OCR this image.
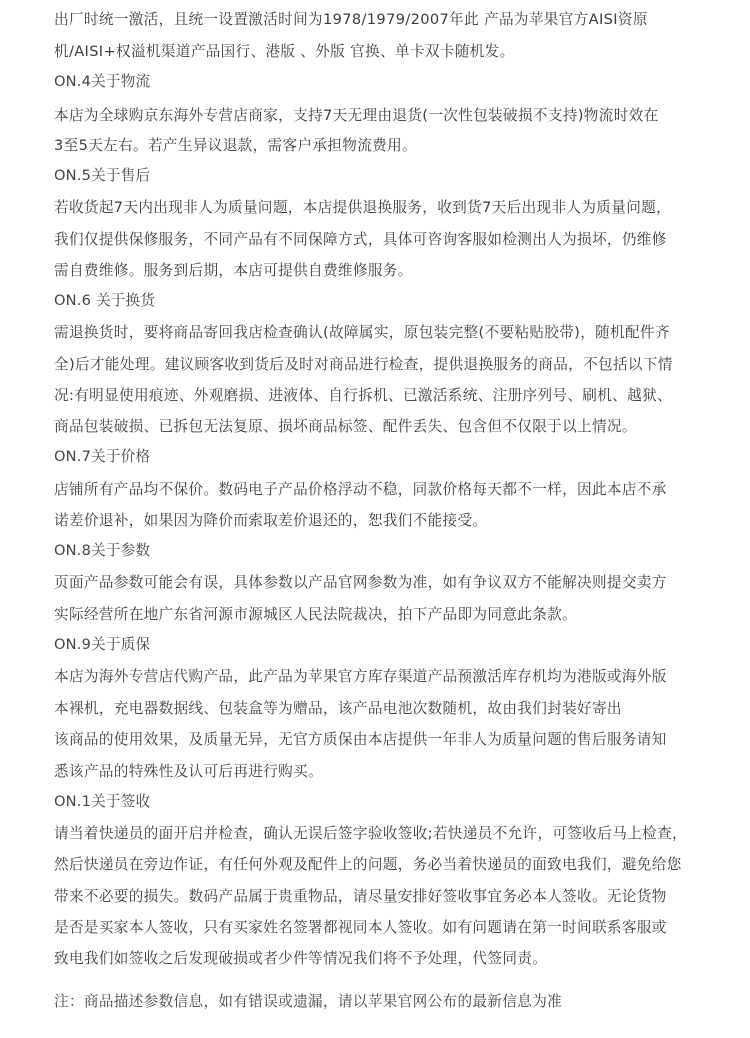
出厂时统一激活，且统一设置激活时间为1978/1979/2007年此 产品为苹果官方AISI资原
机/AISI+权溢机渠道产品国行、港版 、外版 官换、单卡双卡随机发。
ON.4关于物流
本店为全球购京东海外专营店商家，支持7天无理由退货(一次性包装破损不支持)物流时效在
3至5天左右。若产生异议退款，需客户承担物流费用。
ON.5关于售后
若收货起7天内出现非人为质量问题，本店提供退换服务，收到货7天后出现非人为质量问题，
我们仅提供保修服务，不同产品有不同保障方式，具体可咨询客服如检测出人为损坏，仍维修
需自费维修。服务到后期，本店可提供自费维修服务。
ON.6 关于换货
需退换货时，要将商品寄回我店检查确认(故障属实，原包装完整(不要粘贴胶带)，随机配件齐
全)后才能处理。建议顾客收到货后及时对商品进行检查，提供退换服务的商品，不包括以下情
况:有明显使用痕迹、外观磨损、进液体、自行拆机、已激活系统、注册序列号、刷机、越狱、
商品包装破损、已拆包无法复原、损坏商品标签、配件丢失、包含但不仅限于以上情况。
ON.7关于价格
店铺所有产品均不保价。数码电子产品价格浮动不稳，同款价格每天都不一样，因此本店不承
诺差价退补，如果因为降价而索取差价退还的，恕我们不能接受。
ON.8关于参数
页面产品参数可能会有误，具体参数以产品官网参数为准，如有争议双方不能解决则提交卖方
实际经营所在地广东省河源市源城区人民法院裁决，拍下产品即为同意此条款。
ON.9关于质保
本店为海外专营店代购产品，此产品为苹果官方库存渠道产品预激活库存机均为港版或海外版
本裸机，充电器数据线、包装盒等为赠品，该产品电池次数随机，故由我们封装好寄出
该商品的使用效果，及质量无异，无官方质保由本店提供一年非人为质量问题的售后服务请知
悉该产品的特殊性及认可后再进行购买。
ON.1关于签收
请当着快递员的面开启并检查，确认无误后签字验收签收;若快递员不允许，可签收后马上检查，
然后快递员在旁边作证，有任何外观及配件上的问题，务必当着快递员的面致电我们，避免给您
带来不必要的损失。数码产品属于贵重物品，请尽量安排好签收事宜务必本人签收。无论货物
是否是买家本人签收，只有买家姓名签署都视同本人签收。如有问题请在第一时间联系客服或
致电我们如签收之后发现破损或者少件等情况我们将不予处理，代签同责。
注：商品描述参数信息，如有错误或遗漏，请以苹果官网公布的最新信息为准
